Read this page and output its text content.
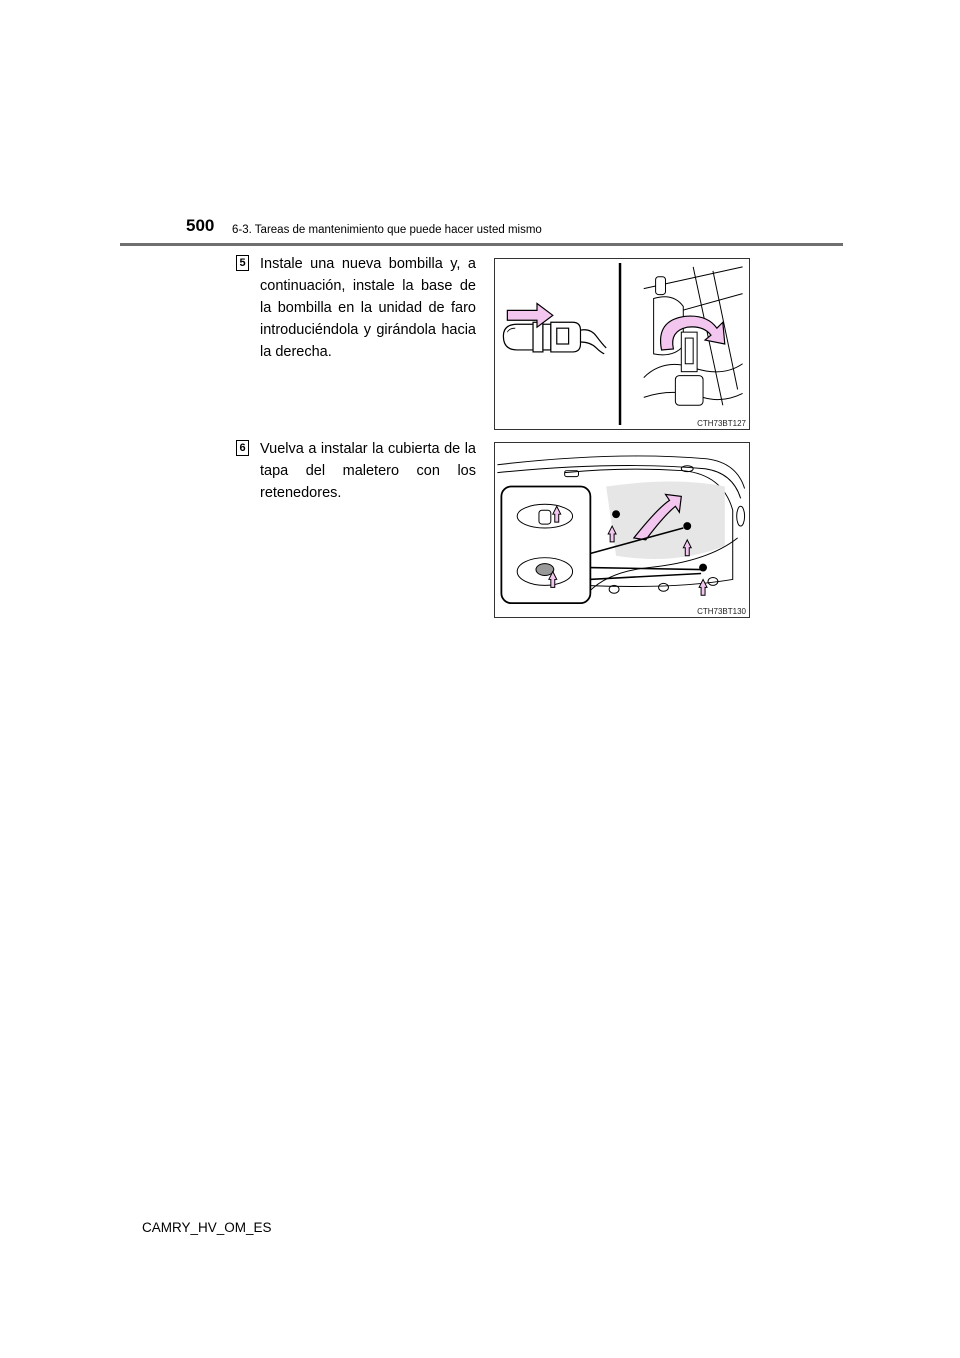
500 6-3. Tareas de mantenimiento que puede hacer usted mismo
5 Instale una nueva bombilla y, a continuación, instale la base de la bombilla en la unidad de faro introduciéndola y girándola hacia la derecha.
CTH73BT127
6 Vuelva a instalar la cubierta de la tapa del maletero con los retenedores.
CTH73BT130
CAMRY_HV_OM_ES
